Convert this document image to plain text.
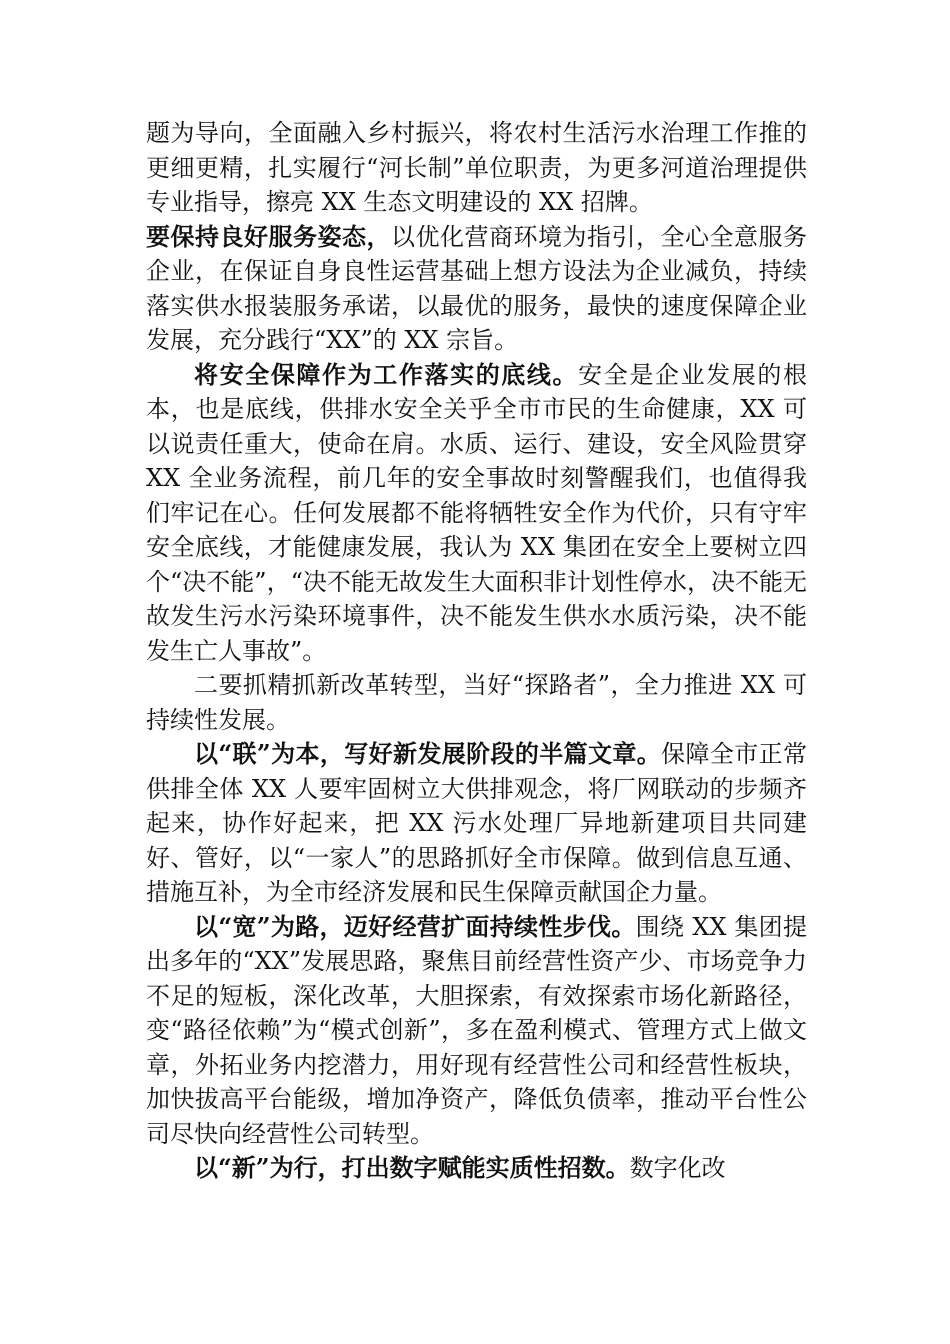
题为导向，全面融入乡村振兴，将农村生活污水治理工作推的更细更精，扎实履行“河长制”单位职责，为更多河道治理提供专业指导，擦亮 XX 生态文明建设的 XX 招牌。

要保持良好服务姿态，以优化营商环境为指引，全心全意服务企业，在保证自身良性运营基础上想方设法为企业减负，持续落实供水报装服务承诺，以最优的服务，最快的速度保障企业发展，充分践行“XX”的 XX 宗旨。

将安全保障作为工作落实的底线。安全是企业发展的根本，也是底线，供排水安全关乎全市市民的生命健康，XX 可以说责任重大，使命在肩。水质、运行、建设，安全风险贯穿 XX 全业务流程，前几年的安全事故时刻警醒我们，也值得我们牢记在心。任何发展都不能将牺牲安全作为代价，只有守牢安全底线，才能健康发展，我认为 XX 集团在安全上要树立四个“决不能”，“决不能无故发生大面积非计划性停水，决不能无故发生污水污染环境事件，决不能发生供水水质污染，决不能发生亡人事故”。

二要抓精抓新改革转型，当好“探路者”，全力推进 XX 可持续性发展。

以“联”为本，写好新发展阶段的半篇文章。保障全市正常供排全体 XX 人要牢固树立大供排观念，将厂网联动的步频齐起来，协作好起来，把 XX 污水处理厂异地新建项目共同建好、管好，以“一家人”的思路抓好全市保障。做到信息互通、措施互补，为全市经济发展和民生保障贡献国企力量。

以“宽”为路，迈好经营扩面持续性步伐。围绕 XX 集团提出多年的“XX”发展思路，聚焦目前经营性资产少、市场竞争力不足的短板，深化改革，大胆探索，有效探索市场化新路径，变“路径依赖”为“模式创新”，多在盈利模式、管理方式上做文章，外拓业务内挖潜力，用好现有经营性公司和经营性板块，加快拔高平台能级，增加净资产，降低负债率，推动平台性公司尽快向经营性公司转型。

以“新”为行，打出数字赋能实质性招数。数字化改
